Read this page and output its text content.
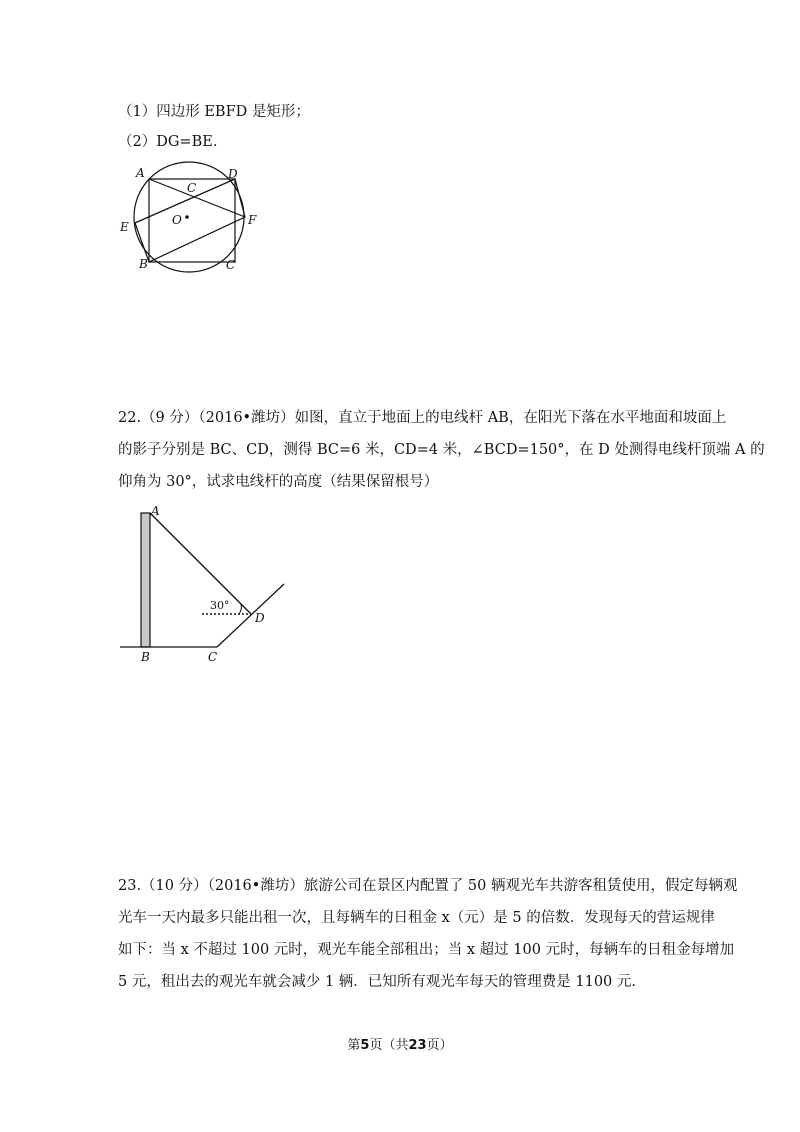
（1）四边形 EBFD 是矩形；
（2）DG=BE.
A	D
C
O
E	F
B	C
22.（9 分）（2016•潍坊）如图，直立于地面上的电线杆 AB，在阳光下落在水平地面和坡面上
的影子分别是 BC、CD，测得 BC=6 米，CD=4 米，∠BCD=150°，在 D 处测得电线杆顶端 A 的
仰角为 30°，试求电线杆的高度（结果保留根号）
30°
A
D
B	C
23.（10 分）（2016•潍坊）旅游公司在景区内配置了 50 辆观光车共游客租赁使用，假定每辆观
光车一天内最多只能出租一次，且每辆车的日租金 x（元）是 5 的倍数．发现每天的营运规律
如下：当 x 不超过 100 元时，观光车能全部租出；当 x 超过 100 元时，每辆车的日租金每增加
5 元，租出去的观光车就会减少 1 辆．已知所有观光车每天的管理费是 1100 元.
第5页（共23页）
